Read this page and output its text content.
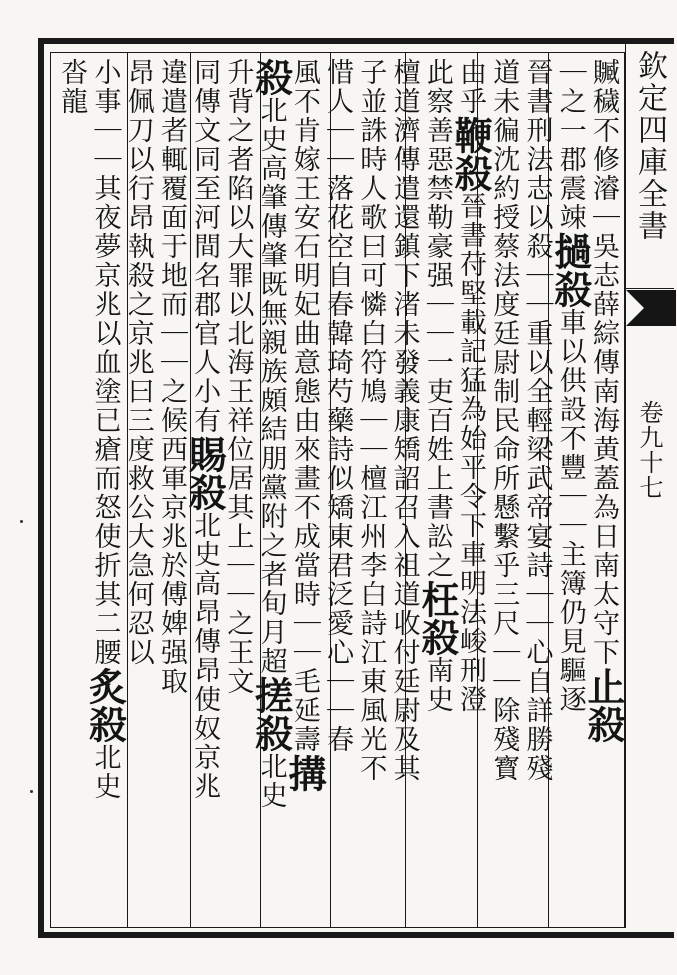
欽定四庫全書
卷九十七
贓穢不修濬｜吳志薛綜傳南海黄蓋為日南太守下止殺
｜之一郡震竦撾殺車以供設不豐｜｜主簿仍見驅逐
晉書刑法志以殺｜｜重以全輕梁武帝宴詩｜｜心自詳勝殘
道未徧沈約授蔡法度廷尉制民命所懸繫乎三尺｜｜除殘寳
由乎鞭殺晉書苻堅載記猛為始平令下車明法峻刑澄
此察善惡禁勒豪强｜｜一吏百姓上書訟之枉殺南史
檀道濟傳遣還鎮下渚未發義康矯詔召入祖道收付廷尉及其
子並誅時人歌曰可憐白符鳩｜｜檀江州李白詩江東風光不
惜人｜｜落花空自春韓琦芍藥詩似矯東君泛愛心｜｜春
風不肯嫁王安石明妃曲意態由來畫不成當時｜｜毛延壽搆
殺北史高肇傳肇既無親族頗結朋黨附之者旬月超搓殺北史
升背之者陷以大罪以北海王祥位居其上｜｜之王文
同傳文同至河間名郡官人小有賜殺北史高昂傳昂使奴京兆
違遣者輒覆面于地而｜｜之候西軍京兆於傅婢强取
昂佩刀以行昂執殺之京兆曰三度救公大急何忍以
小事｜｜其夜夢京兆以血塗已瘡而怒使折其二腰炙殺北史
沓龍
